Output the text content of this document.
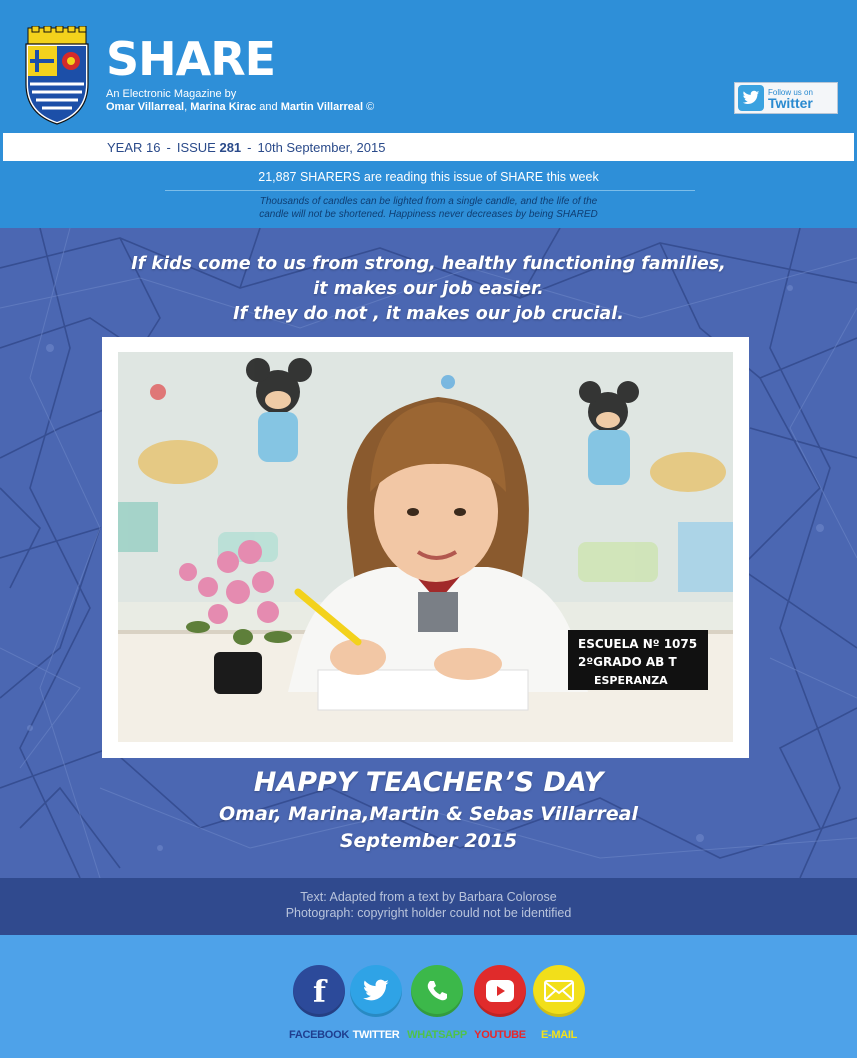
SHARE
An Electronic Magazine by
Omar Villarreal, Marina Kirac and Martin Villarreal ©
Follow us on
Twitter
YEAR 16 - ISSUE
281 - 10th September, 2015
21,887 SHARERS are reading this issue of SHARE this week
Thousands of candles can be lighted from a single candle, and the life of the
candle will not be shortened. Happiness never decreases by being SHARED
If kids come to us from strong, healthy functioning families,
it makes our job easier.
If they do not , it makes our job crucial.
ESCUELA Nº 1075
2ºGRADO AB T
ESPERANZA
HAPPY TEACHER’S DAY
Omar, Marina,Martin & Sebas Villarreal
September 2015
Text: Adapted from a text by Barbara Colorose
Photograph: copyright holder could not be identified
f
FACEBOOK TWITTER WHATSAPP YOUTUBE	E-MAIL
